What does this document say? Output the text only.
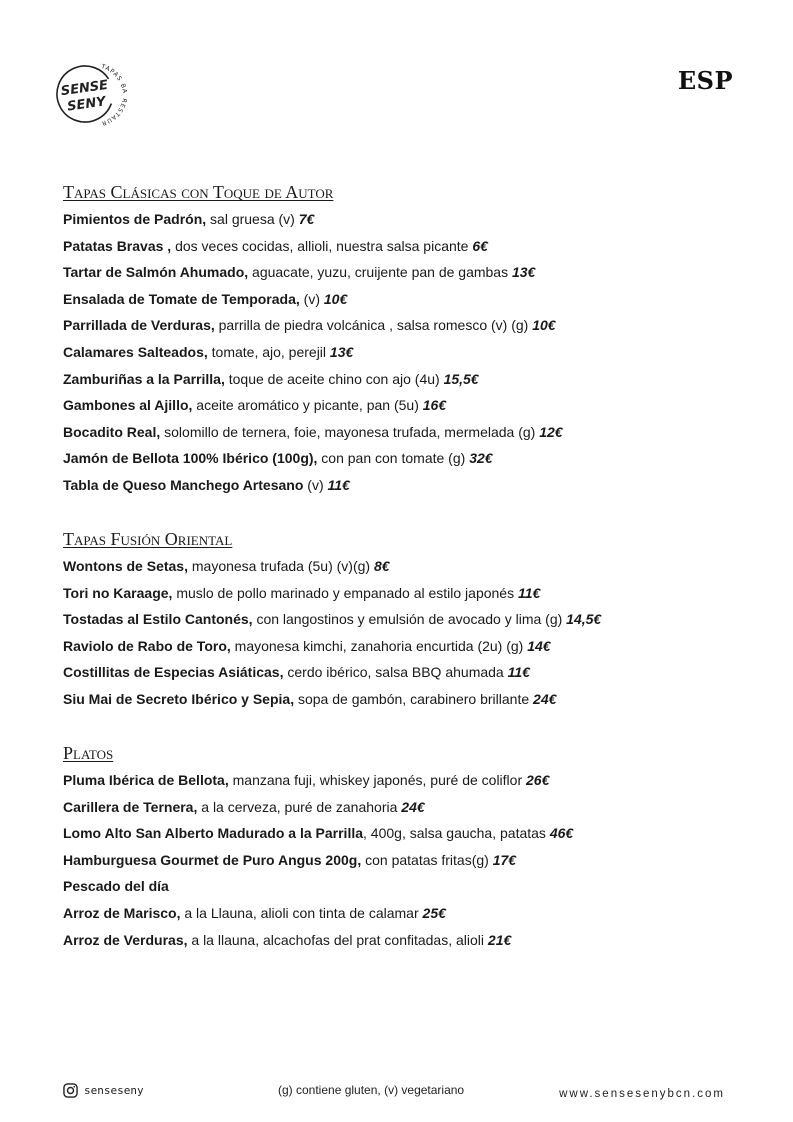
TAPAS B
ESTAUR
SENSE
SENY
ESP
Tapas Clásicas con Toque de Autor
Pimientos de Padrón, sal gruesa (v) 7€
Patatas Bravas , dos veces cocidas, allioli, nuestra salsa picante 6€
Tartar de Salmón Ahumado, aguacate, yuzu, cruijente pan de gambas 13€
Ensalada de Tomate de Temporada, (v) 10€
Parrillada de Verduras, parrilla de piedra volcánica , salsa romesco (v) (g) 10€
Calamares Salteados, tomate, ajo, perejil 13€
Zamburiñas a la Parrilla, toque de aceite chino con ajo (4u) 15,5€
Gambones al Ajillo, aceite aromático y picante, pan (5u) 16€
Bocadito Real, solomillo de ternera, foie, mayonesa trufada, mermelada (g) 12€
Jamón de Bellota 100% Ibérico (100g), con pan con tomate (g) 32€
Tabla de Queso Manchego Artesano (v) 11€
Tapas Fusión Oriental
Wontons de Setas, mayonesa trufada (5u) (v)(g) 8€
Tori no Karaage, muslo de pollo marinado y empanado al estilo japonés 11€
Tostadas al Estilo Cantonés, con langostinos y emulsión de avocado y lima (g) 14,5€
Raviolo de Rabo de Toro, mayonesa kimchi, zanahoria encurtida (2u) (g) 14€
Costillitas de Especias Asiáticas, cerdo ibérico, salsa BBQ ahumada 11€
Siu Mai de Secreto Ibérico y Sepia, sopa de gambón, carabinero brillante 24€
Platos
Pluma Ibérica de Bellota, manzana fuji, whiskey japonés, puré de coliflor 26€
Carillera de Ternera, a la cerveza, puré de zanahoria 24€
Lomo Alto San Alberto Madurado a la Parrilla, 400g, salsa gaucha, patatas 46€
Hamburguesa Gourmet de Puro Angus 200g, con patatas fritas(g) 17€
Pescado del día
Arroz de Marisco, a la Llauna, alioli con tinta de calamar 25€
Arroz de Verduras, a la llauna, alcachofas del prat confitadas, alioli 21€
senseseny	(g) contiene gluten, (v) vegetariano	www.sensesenybcn.com
